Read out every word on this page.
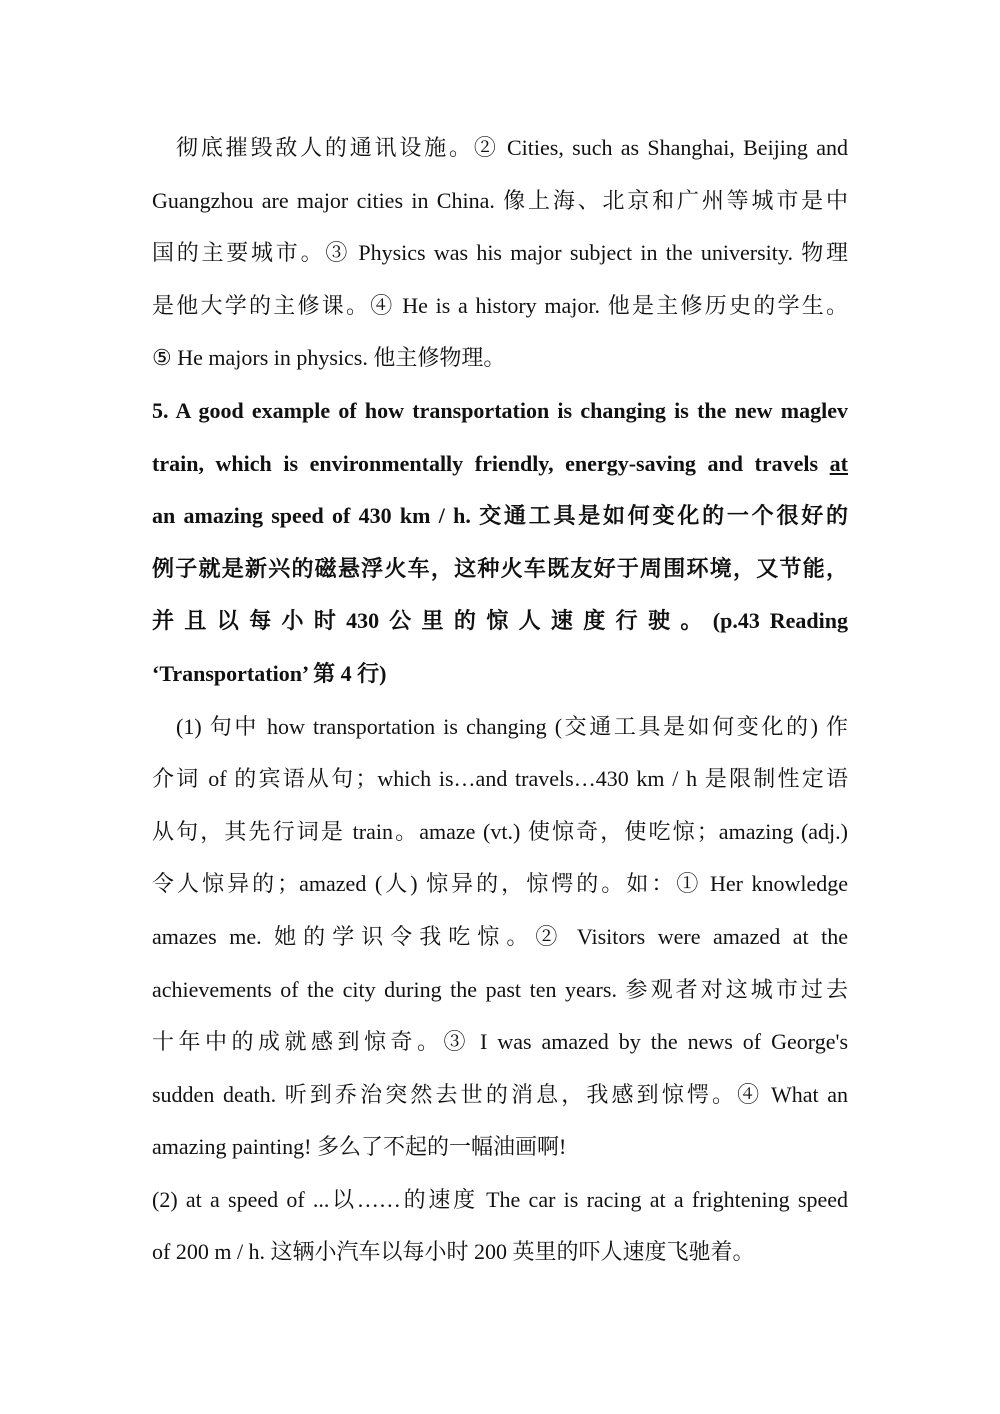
彻底摧毁敌人的通讯设施。② Cities, such as Shanghai, Beijing and
Guangzhou are major cities in China. 像上海、北京和广州等城市是中
国的主要城市。③ Physics was his major subject in the university. 物理
是他大学的主修课。④ He is a history major. 他是主修历史的学生。
⑤ He majors in physics. 他主修物理。
5. A good example of how transportation is changing is the new maglev
train, which is environmentally friendly, energy-saving and travels at
an amazing speed of 430 km / h. 交通工具是如何变化的一个很好的
例子就是新兴的磁悬浮火车，这种火车既友好于周围环境，又节能，
并 且 以 每 小 时 430 公 里 的 惊 人 速 度 行 驶 。 (p.43 Reading
‘Transportation’ 第 4 行)
(1) 句中 how transportation is changing (交通工具是如何变化的) 作
介词 of 的宾语从句；which is…and travels…430 km / h 是限制性定语
从句，其先行词是 train。amaze (vt.) 使惊奇，使吃惊；amazing (adj.)
令人惊异的；amazed (人) 惊异的，惊愕的。如：① Her knowledge
amazes me. 她的学识令我吃惊。② Visitors were amazed at the
achievements of the city during the past ten years. 参观者对这城市过去
十年中的成就感到惊奇。③ I was amazed by the news of George's
sudden death. 听到乔治突然去世的消息，我感到惊愕。④ What an
amazing painting! 多么了不起的一幅油画啊!
(2) at a speed of ...以……的速度 The car is racing at a frightening speed
of 200 m / h. 这辆小汽车以每小时 200 英里的吓人速度飞驰着。
